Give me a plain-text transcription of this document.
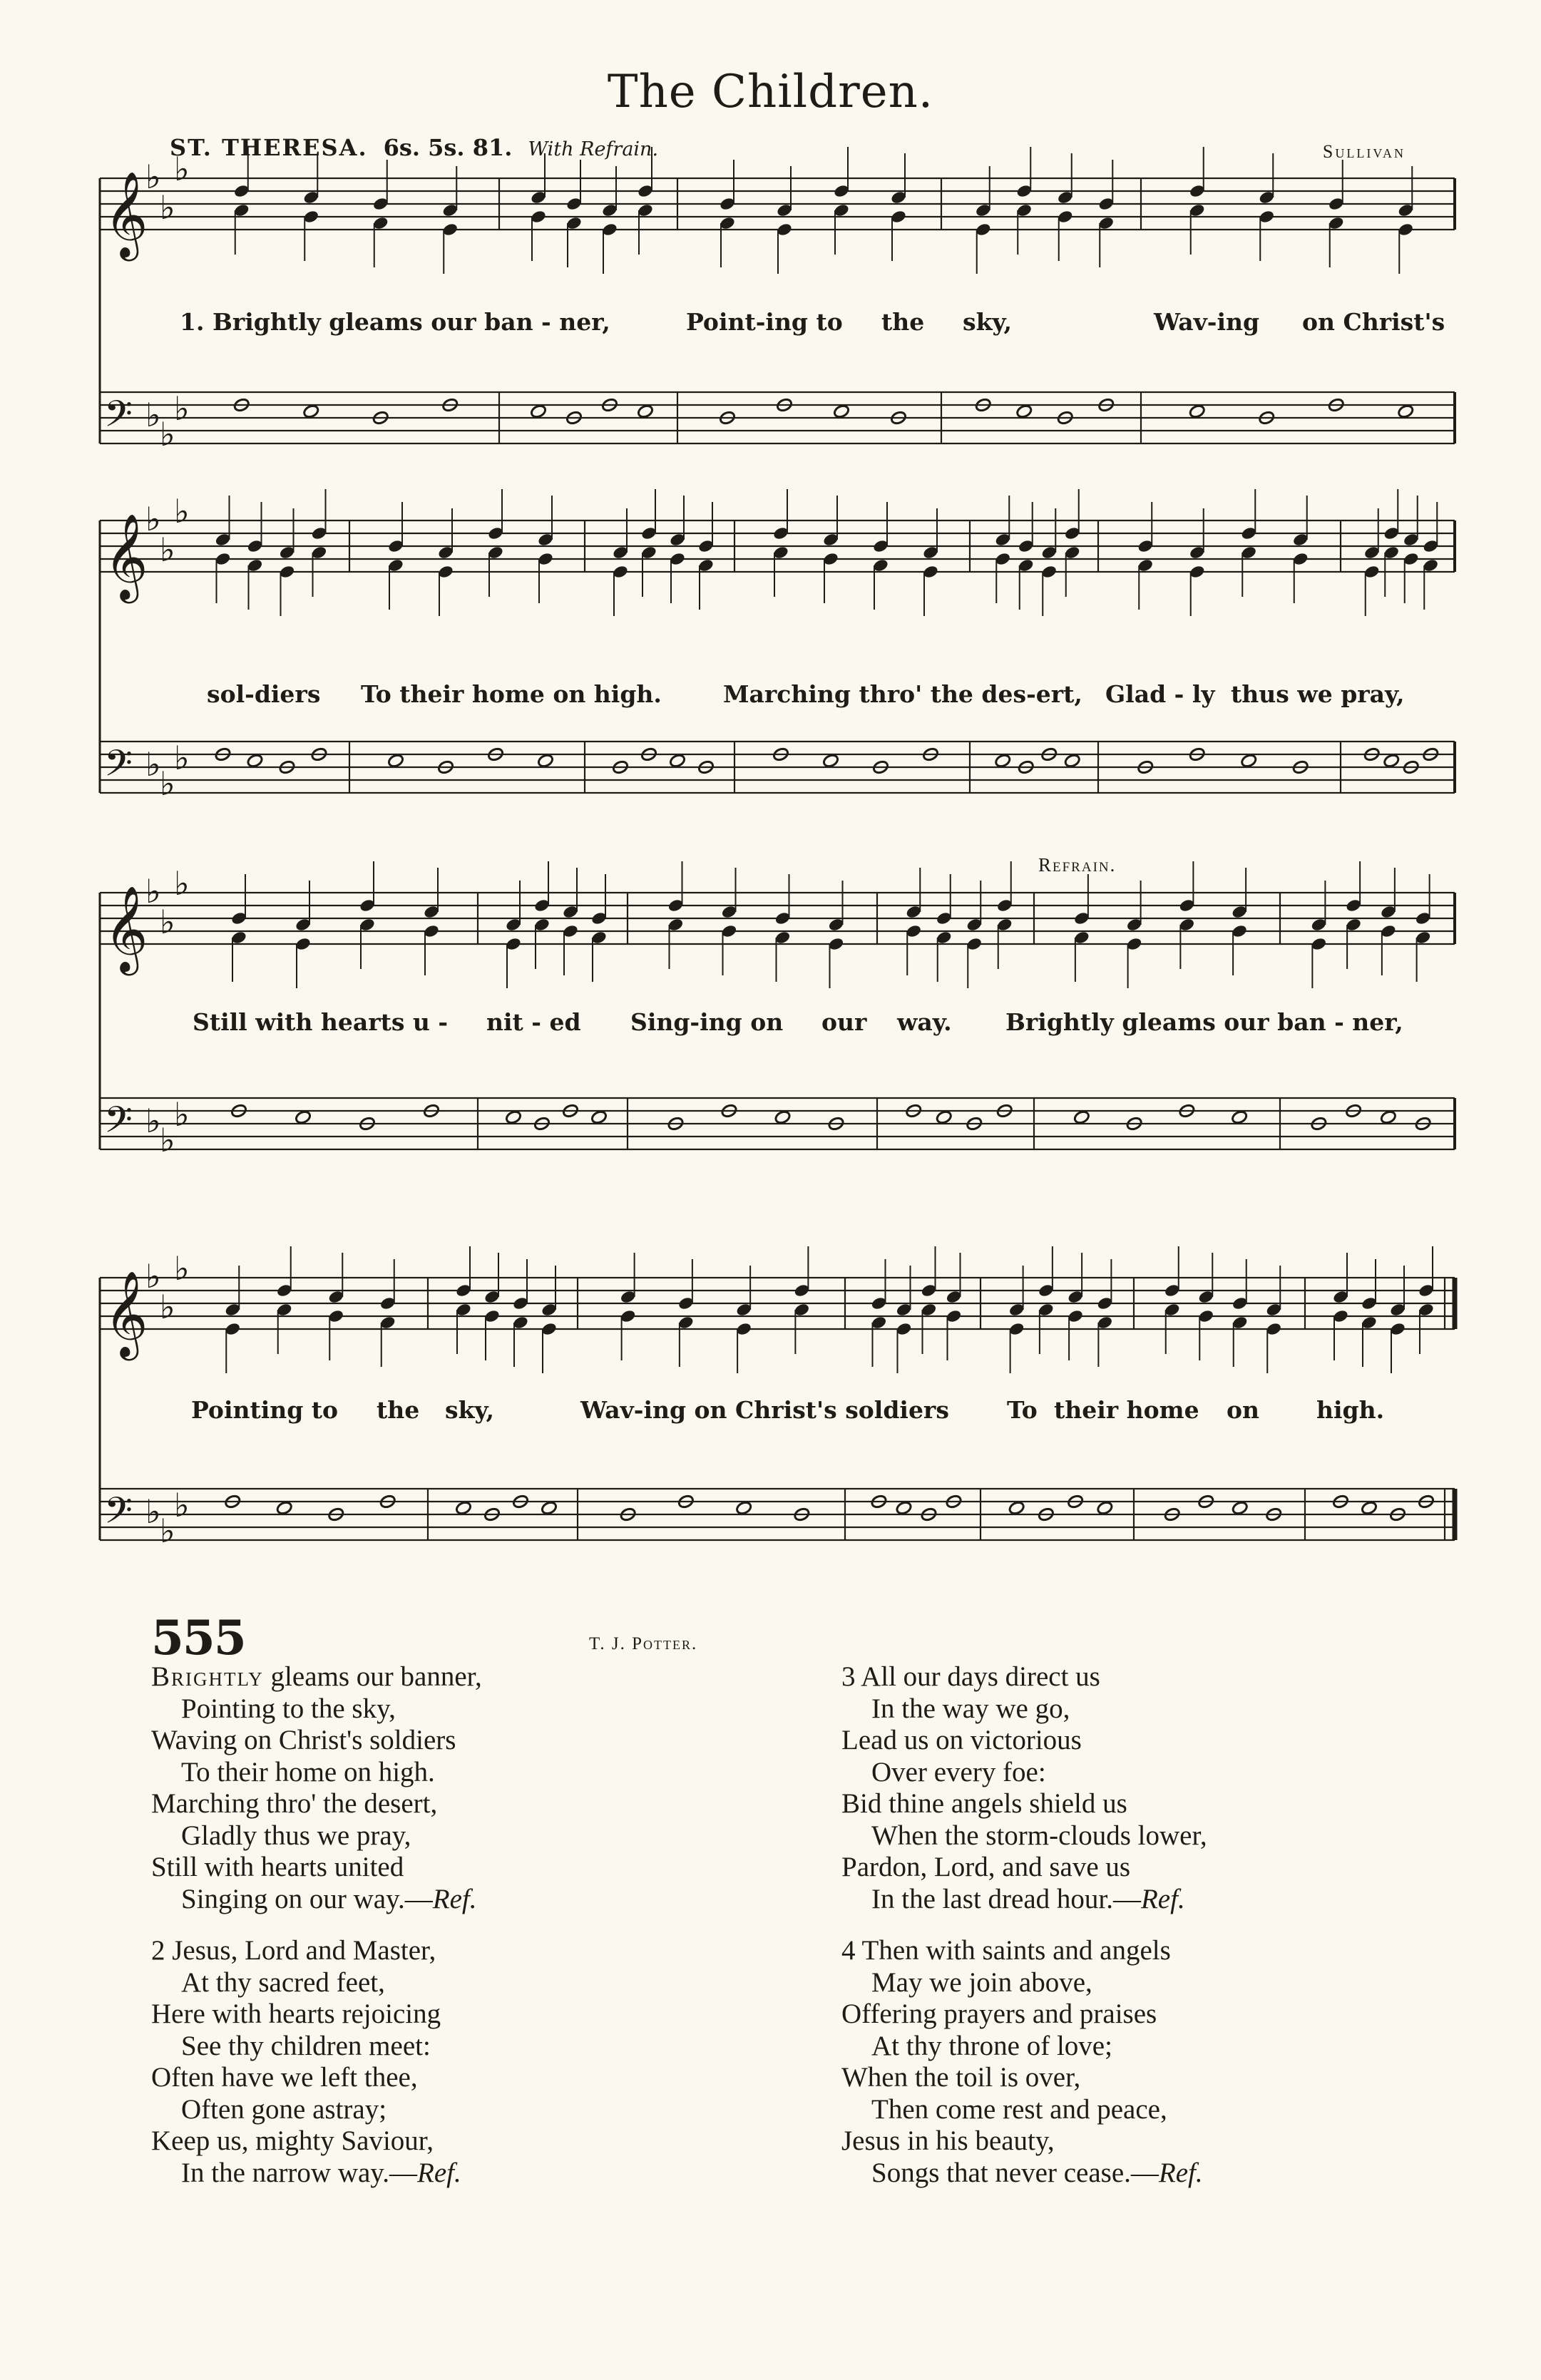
The Children.
ST. THERESA. 6s. 5s. 81. With Refrain.	Sullivan
𝄞
♭
♭
♭
𝄢 ♭
♭
♭
𝄞
♭
♭
♭
𝄢 ♭
♭
♭
𝄞
♭
♭
♭
𝄢 ♭
♭
♭
𝄞
♭
♭
♭
𝄢 ♭
♭
♭
1. Brightly gleams our ban - ner,	Point-ing to the sky,	Wav-ing on Christ's
sol-diers To their home on high.	Marching thro' the des-ert, Glad - ly thus we pray,
Refrain.
Still with hearts u - nit - ed Sing-ing on our way. Brightly gleams our ban - ner,
Pointing to the sky,	Wav-ing on Christ's soldiers To their home on high.
555	T. J. Potter.
Brightly gleams our banner,
Pointing to the sky,
Waving on Christ's soldiers
To their home on high.
Marching thro' the desert,
Gladly thus we pray,
Still with hearts united
Singing on our way.—Ref.
2 Jesus, Lord and Master,
At thy sacred feet,
Here with hearts rejoicing
See thy children meet:
Often have we left thee,
Often gone astray;
Keep us, mighty Saviour,
In the narrow way.—Ref.
3 All our days direct us
In the way we go,
Lead us on victorious
Over every foe:
Bid thine angels shield us
When the storm-clouds lower,
Pardon, Lord, and save us
In the last dread hour.—Ref.
4 Then with saints and angels
May we join above,
Offering prayers and praises
At thy throne of love;
When the toil is over,
Then come rest and peace,
Jesus in his beauty,
Songs that never cease.—Ref.
